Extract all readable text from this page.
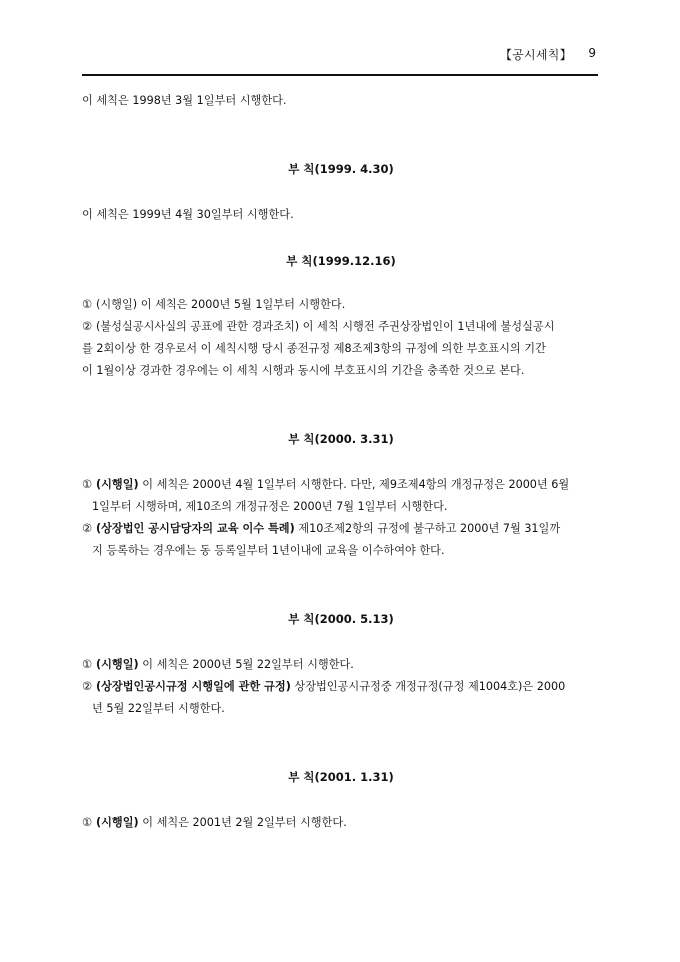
【공시세칙】 9

이 세칙은 1998년 3월 1일부터 시행한다.

부 칙(1999. 4.30)

이 세칙은 1999년 4월 30일부터 시행한다.

부 칙(1999.12.16)

① (시행일) 이 세칙은 2000년 5월 1일부터 시행한다.
② (불성실공시사실의 공표에 관한 경과조치) 이 세칙 시행전 주권상장법인이 1년내에 불성실공시

를 2회이상 한 경우로서 이 세칙시행 당시 종전규정 제8조제3항의 규정에 의한 부호표시의 기간

이 1월이상 경과한 경우에는 이 세칙 시행과 동시에 부호표시의 기간을 충족한 것으로 본다.

부 칙(2000. 3.31)

① (시행일) 이 세칙은 2000년 4월 1일부터 시행한다. 다만, 제9조제4항의 개정규정은 2000년 6월
1일부터 시행하며, 제10조의 개정규정은 2000년 7월 1일부터 시행한다.
② (상장법인 공시담당자의 교육 이수 특례) 제10조제2항의 규정에 불구하고 2000년 7월 31일까
지 등록하는 경우에는 동 등록일부터 1년이내에 교육을 이수하여야 한다.

부 칙(2000. 5.13)

① (시행일) 이 세칙은 2000년 5월 22일부터 시행한다.
② (상장법인공시규정 시행일에 관한 규정) 상장법인공시규정중 개정규정(규정 제1004호)은 2000
년 5월 22일부터 시행한다.

부 칙(2001. 1.31)

① (시행일) 이 세칙은 2001년 2월 2일부터 시행한다.
